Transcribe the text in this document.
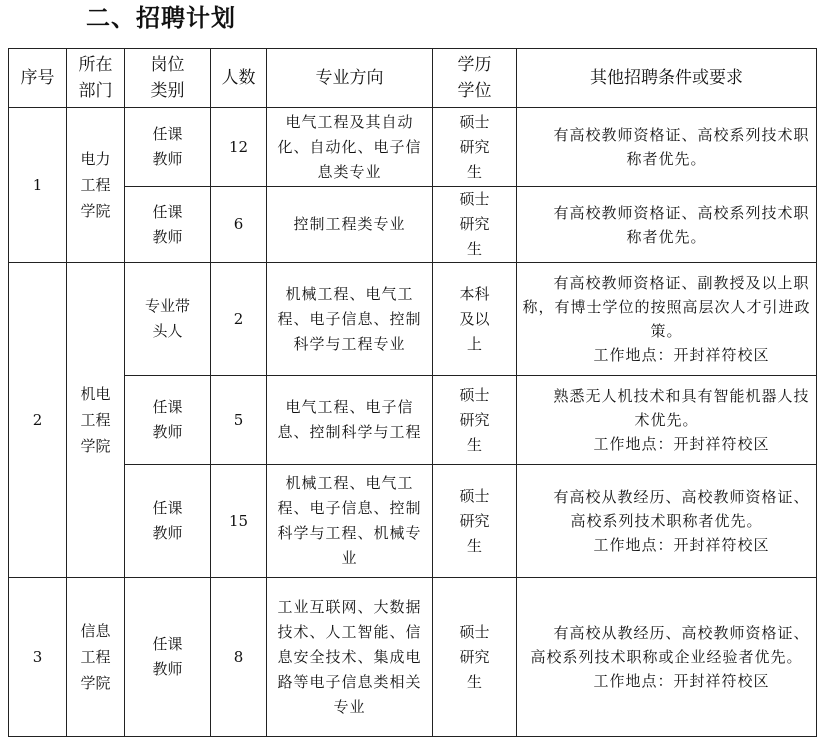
二、招聘计划
序号	所在部门	岗位类别	人数	专业方向	学历学位	其他招聘条件或要求
1	电力工程学院	任课教师	12	电气工程及其自动化、自动化、电子信息类专业	硕士研究生	有高校教师资格证、高校系列技术职称者优先。

		任课教师	6	控制工程类专业	硕士研究生	有高校教师资格证、高校系列技术职称者优先。

2	机电工程学院	专业带头人	2	机械工程、电气工程、电子信息、控制科学与工程专业	本科及以上	有高校教师资格证、副教授及以上职称，有博士学位的按照高层次人才引进政策。
工作地点：开封祥符校区

		任课教师	5	电气工程、电子信息、控制科学与工程	硕士研究生	熟悉无人机技术和具有智能机器人技术优先。
工作地点：开封祥符校区

		任课教师	15	机械工程、电气工程、电子信息、控制科学与工程、机械专业	硕士研究生	有高校从教经历、高校教师资格证、高校系列技术职称者优先。
工作地点：开封祥符校区

3	信息工程学院	任课教师	8	工业互联网、大数据技术、人工智能、信息安全技术、集成电路等电子信息类相关专业	硕士研究生	有高校从教经历、高校教师资格证、高校系列技术职称或企业经验者优先。
工作地点：开封祥符校区
